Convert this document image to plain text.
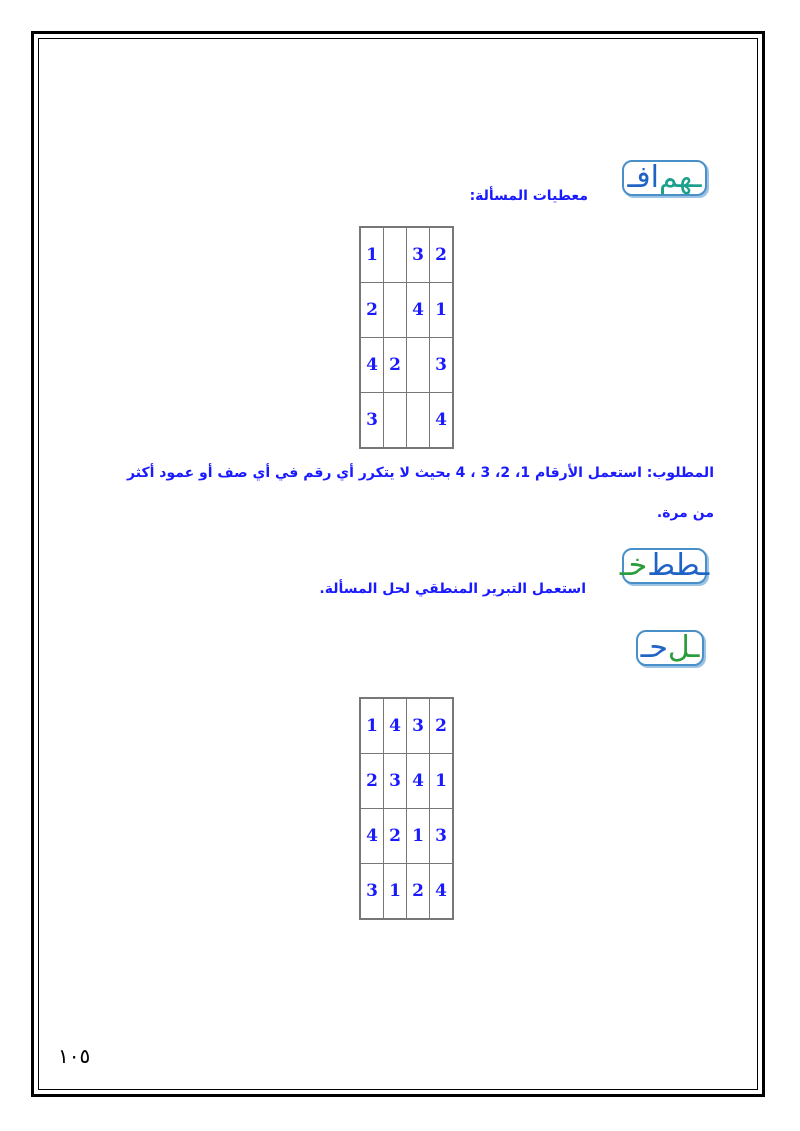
افـ ـهم
معطيات المسألة:
1		3	2
2		4	1
4	2		3
3			4
المطلوب: استعمل الأرقام 1، 2، 3 ، 4 بحيث لا يتكرر أي رقم في أي صف أو عمود أكثر
من مرة.
خـ ـطط
استعمل التبرير المنطقي لحل المسألة.
حـ ـل
1	4	3	2
2	3	4	1
4	2	1	3
3	1	2	4
١٠٥
